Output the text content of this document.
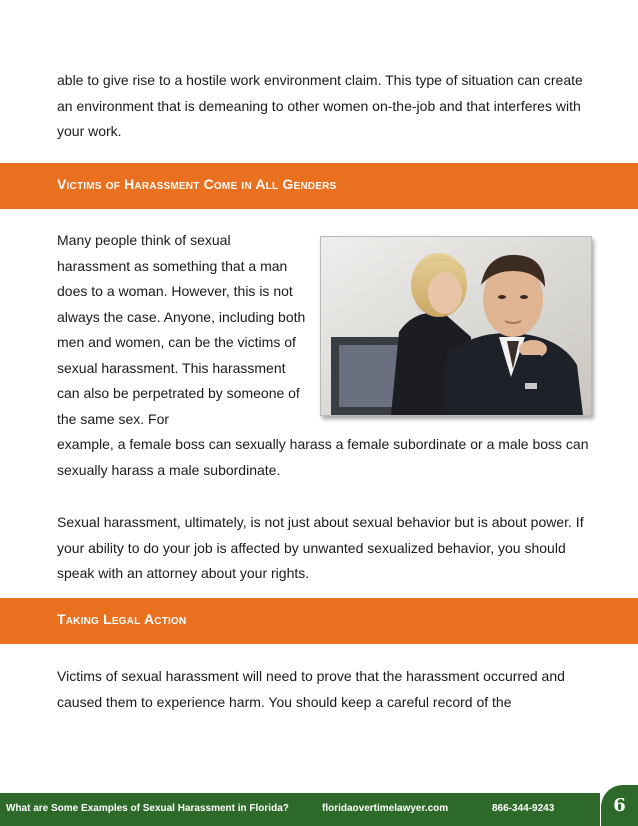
able to give rise to a hostile work environment claim. This type of situation can create an environment that is demeaning to other women on-the-job and that interferes with your work.

Victims of Harassment Come in All Genders

Many people think of sexual harassment as something that a man does to a woman. However, this is not always the case. Anyone, including both men and women, can be the victims of sexual harassment. This harassment can also be perpetrated by someone of the same sex. For

example, a female boss can sexually harass a female subordinate or a male boss can sexually harass a male subordinate.

Sexual harassment, ultimately, is not just about sexual behavior but is about power. If your ability to do your job is affected by unwanted sexualized behavior, you should speak with an attorney about your rights.

Taking Legal Action

Victims of sexual harassment will need to prove that the harassment occurred and caused them to experience harm. You should keep a careful record of the

What are Some Examples of Sexual Harassment in Florida?	floridaovertimelawyer.com	866-344-9243	6
